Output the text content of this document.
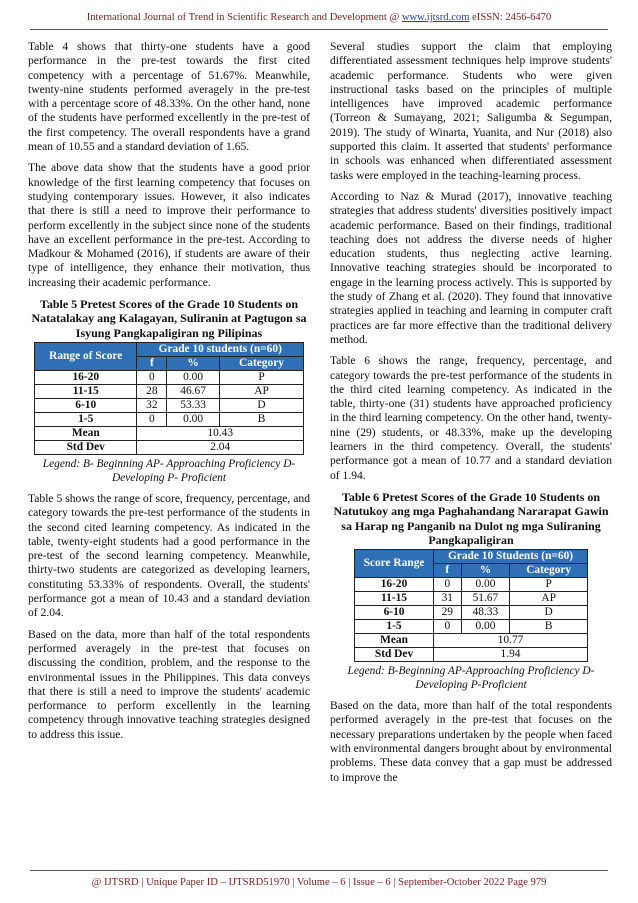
International Journal of Trend in Scientific Research and Development @ www.ijtsrd.com eISSN: 2456-6470

Table 4 shows that thirty-one students have a good performance in the pre-test towards the first cited competency with a percentage of 51.67%. Meanwhile, twenty-nine students performed averagely in the pre-test with a percentage score of 48.33%. On the other hand, none of the students have performed excellently in the pre-test of the first competency. The overall respondents have a grand mean of 10.55 and a standard deviation of 1.65.

The above data show that the students have a good prior knowledge of the first learning competency that focuses on studying contemporary issues. However, it also indicates that there is still a need to improve their performance to perform excellently in the subject since none of the students have an excellent performance in the pre-test. According to Madkour & Mohamed (2016), if students are aware of their type of intelligence, they enhance their motivation, thus increasing their academic performance.

Table 5 Pretest Scores of the Grade 10 Students on Natatalakay ang Kalagayan, Suliranin at Pagtugon sa Isyung Pangkapaligiran ng Pilipinas
Range of Score	Grade 10 students (n=60)		
	f	%	Category
16-20	0	0.00	P
11-15	28	46.67	AP
6-10	32	53.33	D
1-5	0	0.00	B
Mean	10.43		
Std Dev	2.04		
Legend: B- Beginning AP- Approaching Proficiency D- Developing P- Proficient

Table 5 shows the range of score, frequency, percentage, and category towards the pre-test performance of the students in the second cited learning competency. As indicated in the table, twenty-eight students had a good performance in the pre-test of the second learning competency. Meanwhile, thirty-two students are categorized as developing learners, constituting 53.33% of respondents. Overall, the students' performance got a mean of 10.43 and a standard deviation of 2.04.

Based on the data, more than half of the total respondents performed averagely in the pre-test that focuses on discussing the condition, problem, and the response to the environmental issues in the Philippines. This data conveys that there is still a need to improve the students' academic performance to perform excellently in the learning competency through innovative teaching strategies designed to address this issue.

Several studies support the claim that employing differentiated assessment techniques help improve students' academic performance. Students who were given instructional tasks based on the principles of multiple intelligences have improved academic performance (Torreon & Sumayang, 2021; Saligumba & Segumpan, 2019). The study of Winarta, Yuanita, and Nur (2018) also supported this claim. It asserted that students' performance in schools was enhanced when differentiated assessment tasks were employed in the teaching-learning process.

According to Naz & Murad (2017), innovative teaching strategies that address students' diversities positively impact academic performance. Based on their findings, traditional teaching does not address the diverse needs of higher education students, thus neglecting active learning. Innovative teaching strategies should be incorporated to engage in the learning process actively. This is supported by the study of Zhang et al. (2020). They found that innovative strategies applied in teaching and learning in computer craft practices are far more effective than the traditional delivery method.

Table 6 shows the range, frequency, percentage, and category towards the pre-test performance of the students in the third cited learning competency. As indicated in the table, thirty-one (31) students have approached proficiency in the third learning competency. On the other hand, twenty-nine (29) students, or 48.33%, make up the developing learners in the third competency. Overall, the students' performance got a mean of 10.77 and a standard deviation of 1.94.

Table 6 Pretest Scores of the Grade 10 Students on Natutukoy ang mga Paghahandang Nararapat Gawin sa Harap ng Panganib na Dulot ng mga Suliraning Pangkapaligiran
Score Range	Grade 10 Students (n=60)		
	f	%	Category
16-20	0	0.00	P
11-15	31	51.67	AP
6-10	29	48.33	D
1-5	0	0.00	B
Mean	10.77		
Std Dev	1.94		
Legend: B-Beginning AP-Approaching Proficiency D-Developing P-Proficient

Based on the data, more than half of the total respondents performed averagely in the pre-test that focuses on the necessary preparations undertaken by the people when faced with environmental dangers brought about by environmental problems. These data convey that a gap must be addressed to improve the

@ IJTSRD | Unique Paper ID – IJTSRD51970 | Volume – 6 | Issue – 6 | September-October 2022 Page 979
